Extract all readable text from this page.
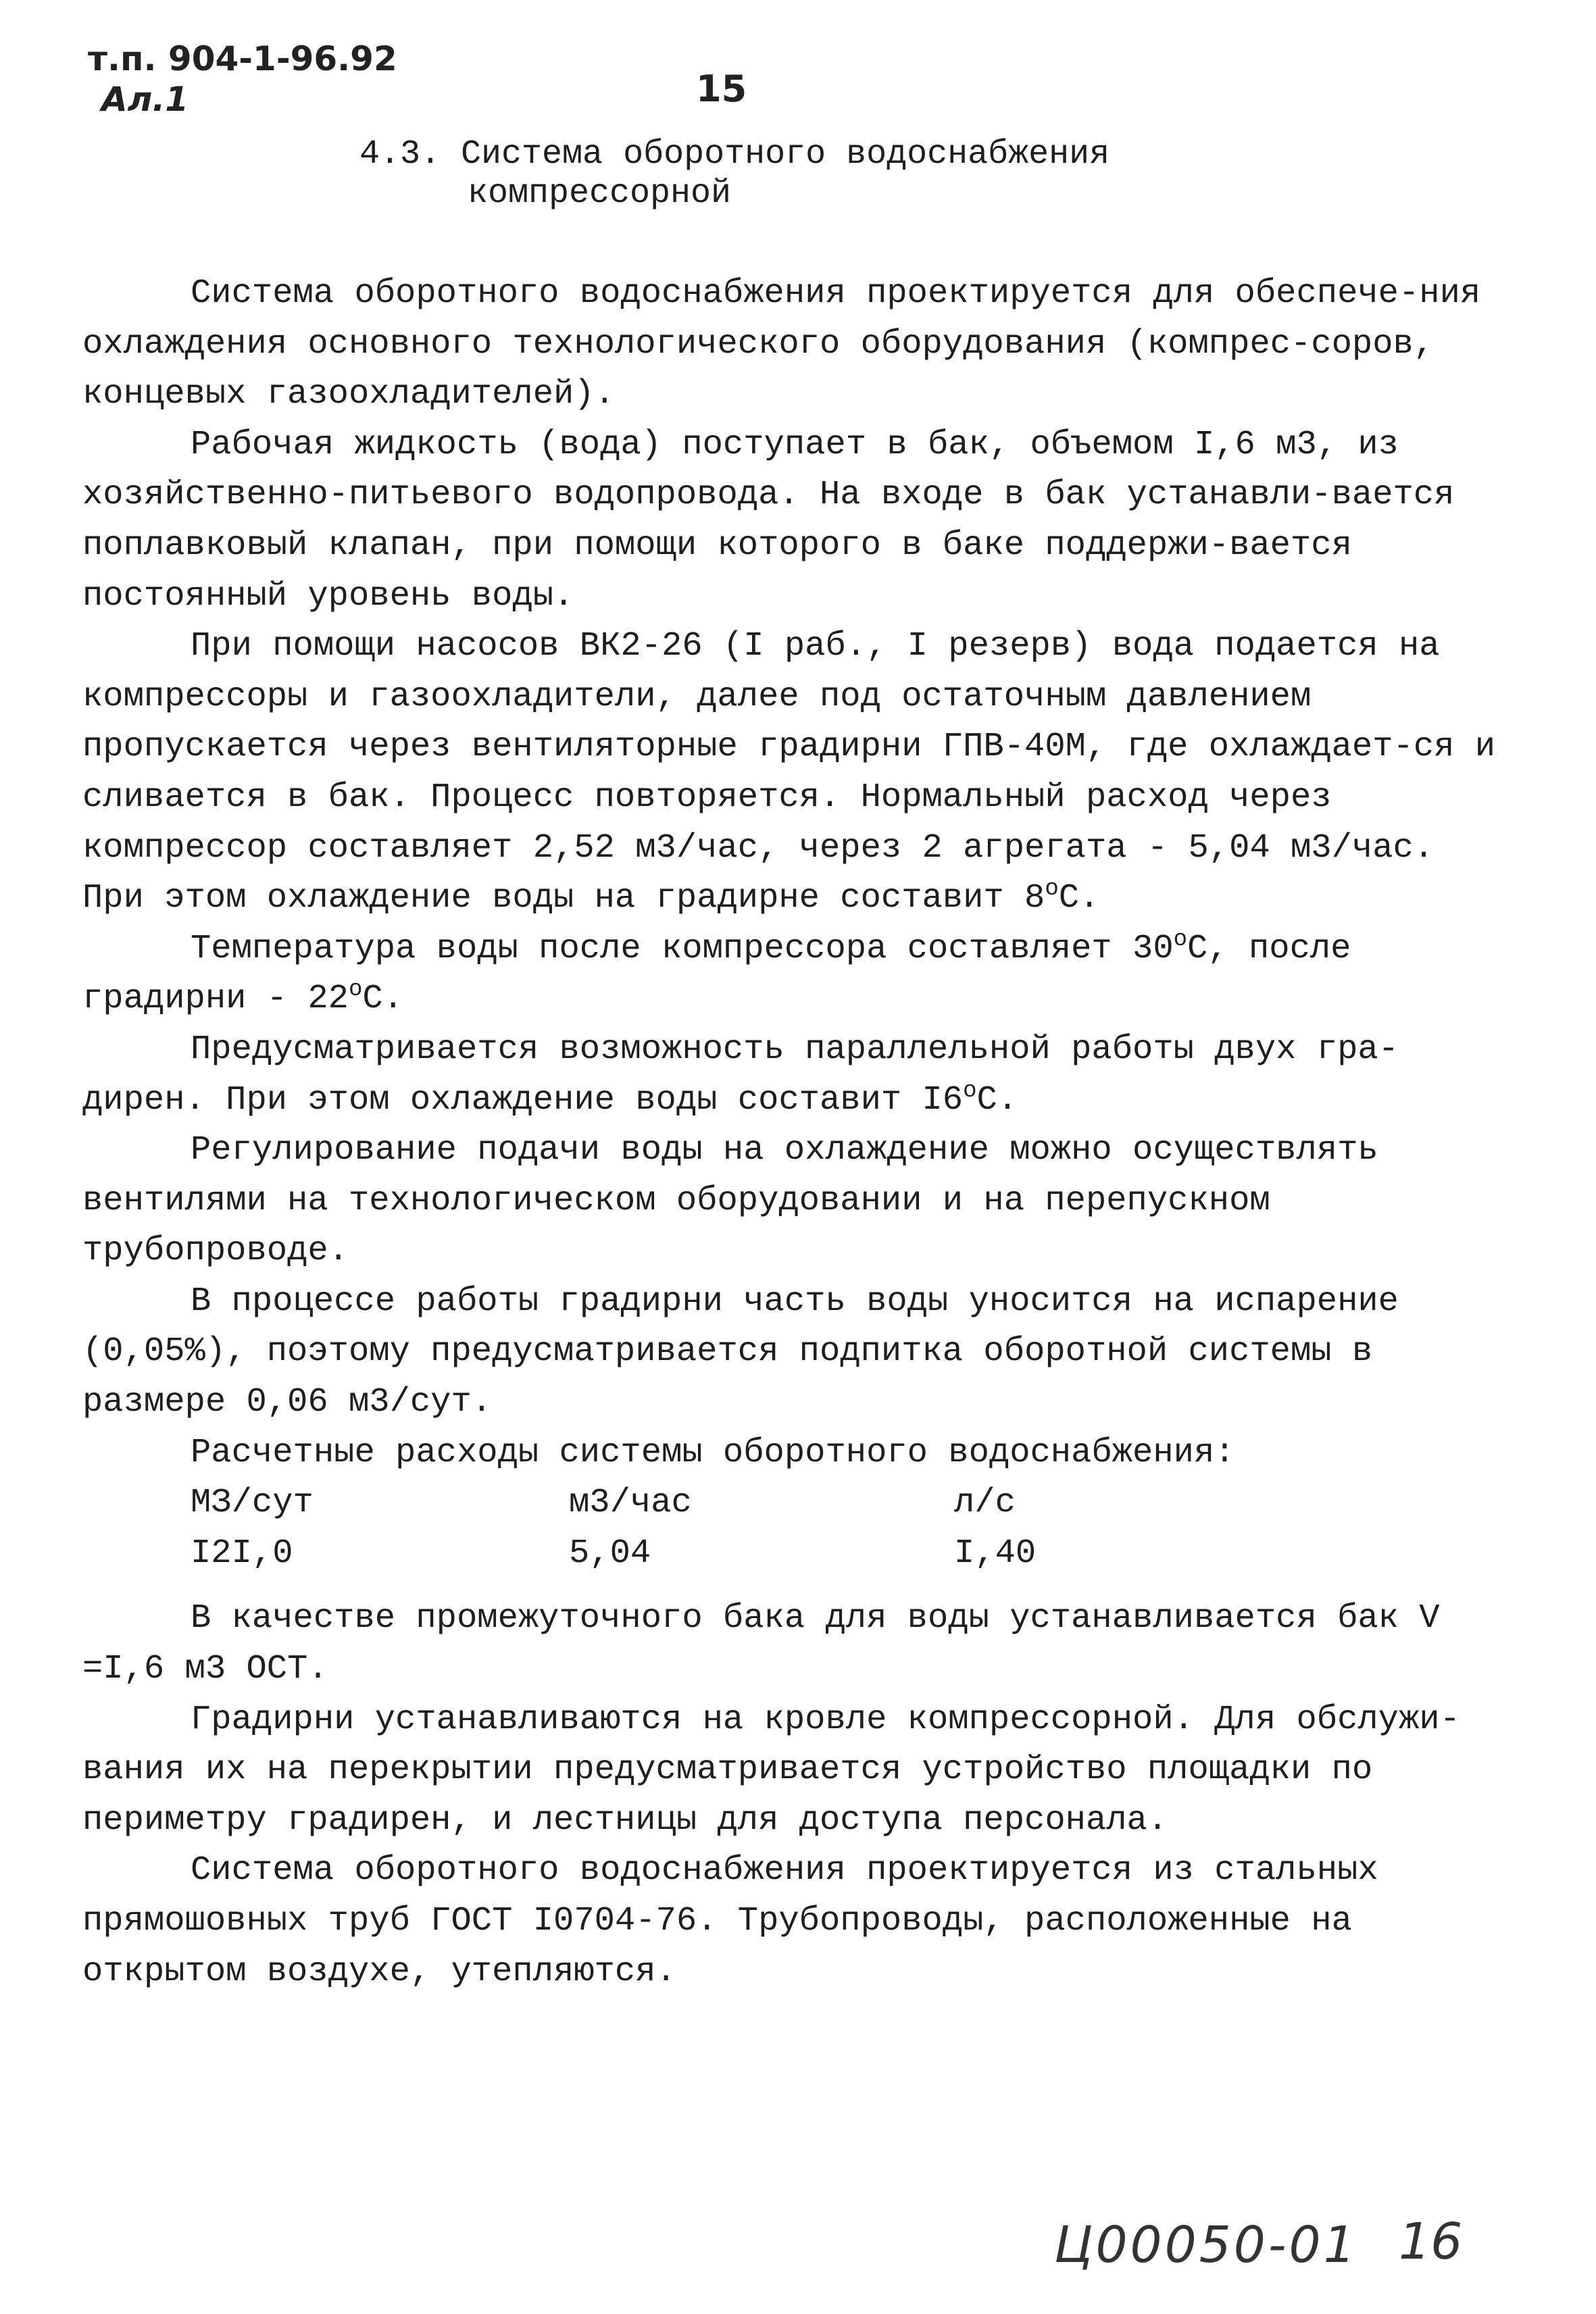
т.п. 904-1-96.92
Ал.1	15
4.3. Система оборотного водоснабжения
компрессорной

Система оборотного водоснабжения проектируется для обеспече-ния охлаждения основного технологического оборудования (компрес-соров, концевых газоохладителей).

Рабочая жидкость (вода) поступает в бак, объемом I,6 м3, из хозяйственно-питьевого водопровода. На входе в бак устанавли-вается поплавковый клапан, при помощи которого в баке поддержи-вается постоянный уровень воды.

При помощи насосов ВК2-26 (I раб., I резерв) вода подается на компрессоры и газоохладители, далее под остаточным давлением пропускается через вентиляторные градирни ГПВ-40М, где охлаждает-ся и сливается в бак. Процесс повторяется. Нормальный расход через компрессор составляет 2,52 м3/час, через 2 агрегата - 5,04 м3/час. При этом охлаждение воды на градирне составит $8^оС$.

Температура воды после компрессора составляет $30^оС$, после градирни - $22^оС$.

Предусматривается возможность параллельной работы двух гра-дирен. При этом охлаждение воды составит $I6^оС$.

Регулирование подачи воды на охлаждение можно осуществлять вентилями на технологическом оборудовании и на перепускном трубопроводе.

В процессе работы градирни часть воды уносится на испарение (0,05%), поэтому предусматривается подпитка оборотной системы в размере 0,06 м3/сут.

Расчетные расходы системы оборотного водоснабжения:

МЗ/сут	м3/час	л/с
I2I,0	5,04	I,40

В качестве промежуточного бака для воды устанавливается бак V =I,6 м3 ОСТ.

Градирни устанавливаются на кровле компрессорной. Для обслужи-вания их на перекрытии предусматривается устройство площадки по периметру градирен, и лестницы для доступа персонала.

Система оборотного водоснабжения проектируется из стальных прямошовных труб ГОСТ I0704-76. Трубопроводы, расположенные на открытом воздухе, утепляются.

Ц00050-01 16
